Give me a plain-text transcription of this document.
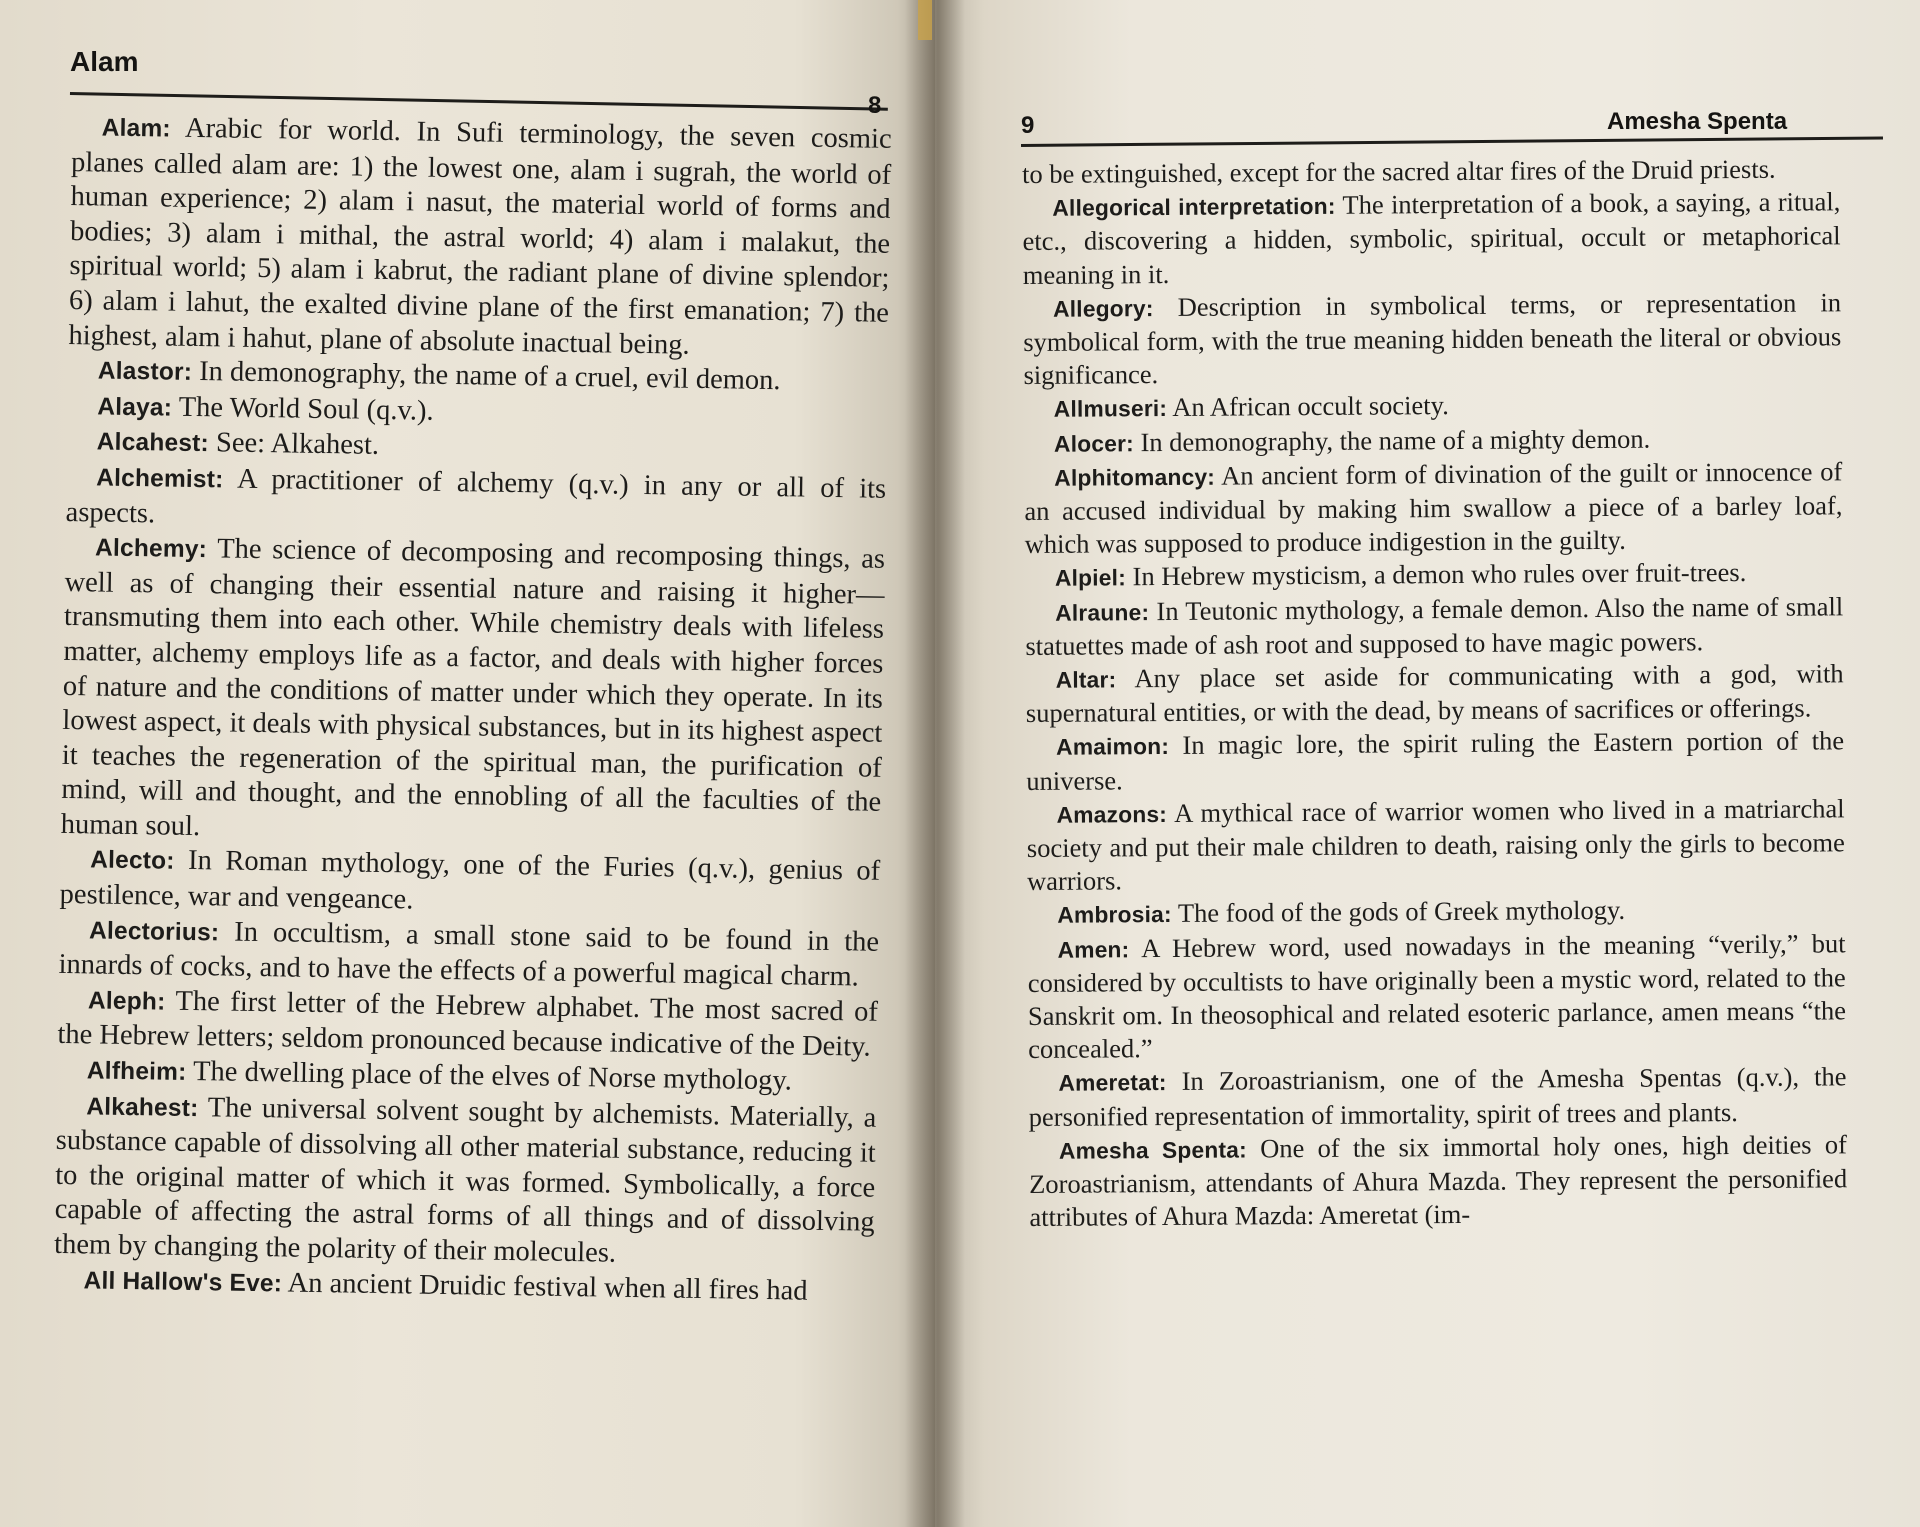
Alam
8

Alam: Arabic for world. In Sufi terminology, the seven cosmic planes called alam are: 1) the lowest one, alam i sugrah, the world of human experience; 2) alam i nasut, the material world of forms and bodies; 3) alam i mithal, the astral world; 4) alam i malakut, the spiritual world; 5) alam i kabrut, the radiant plane of divine splendor; 6) alam i lahut, the exalted divine plane of the first emanation; 7) the highest, alam i hahut, plane of absolute inactual being.

Alastor: In demonography, the name of a cruel, evil demon.

Alaya: The World Soul (q.v.).

Alcahest: See: Alkahest.

Alchemist: A practitioner of alchemy (q.v.) in any or all of its aspects.

Alchemy: The science of decomposing and recomposing things, as well as of changing their essential nature and raising it higher—transmuting them into each other. While chemistry deals with lifeless matter, alchemy employs life as a factor, and deals with higher forces of nature and the conditions of matter under which they operate. In its lowest aspect, it deals with physical substances, but in its highest aspect it teaches the regeneration of the spiritual man, the purification of mind, will and thought, and the ennobling of all the faculties of the human soul.

Alecto: In Roman mythology, one of the Furies (q.v.), genius of pestilence, war and vengeance.

Alectorius: In occultism, a small stone said to be found in the innards of cocks, and to have the effects of a powerful magical charm.

Aleph: The first letter of the Hebrew alphabet. The most sacred of the Hebrew letters; seldom pronounced because indicative of the Deity.

Alfheim: The dwelling place of the elves of Norse mythology.

Alkahest: The universal solvent sought by alchemists. Materially, a substance capable of dissolving all other material substance, reducing it to the original matter of which it was formed. Symbolically, a force capable of affecting the astral forms of all things and of dissolving them by changing the polarity of their molecules.

All Hallow's Eve: An ancient Druidic festival when all fires had

9	Amesha Spenta

to be extinguished, except for the sacred altar fires of the Druid priests.

Allegorical interpretation: The interpretation of a book, a saying, a ritual, etc., discovering a hidden, symbolic, spiritual, occult or metaphorical meaning in it.

Allegory: Description in symbolical terms, or representation in symbolical form, with the true meaning hidden beneath the literal or obvious significance.

Allmuseri: An African occult society.

Alocer: In demonography, the name of a mighty demon.

Alphitomancy: An ancient form of divination of the guilt or innocence of an accused individual by making him swallow a piece of a barley loaf, which was supposed to produce indigestion in the guilty.

Alpiel: In Hebrew mysticism, a demon who rules over fruit-trees.

Alraune: In Teutonic mythology, a female demon. Also the name of small statuettes made of ash root and supposed to have magic powers.

Altar: Any place set aside for communicating with a god, with supernatural entities, or with the dead, by means of sacrifices or offerings.

Amaimon: In magic lore, the spirit ruling the Eastern portion of the universe.

Amazons: A mythical race of warrior women who lived in a matriarchal society and put their male children to death, raising only the girls to become warriors.

Ambrosia: The food of the gods of Greek mythology.

Amen: A Hebrew word, used nowadays in the meaning “verily,” but considered by occultists to have originally been a mystic word, related to the Sanskrit om. In theosophical and related esoteric parlance, amen means “the concealed.”

Ameretat: In Zoroastrianism, one of the Amesha Spentas (q.v.), the personified representation of immortality, spirit of trees and plants.

Amesha Spenta: One of the six immortal holy ones, high deities of Zoroastrianism, attendants of Ahura Mazda. They represent the personified attributes of Ahura Mazda: Ameretat (im-
